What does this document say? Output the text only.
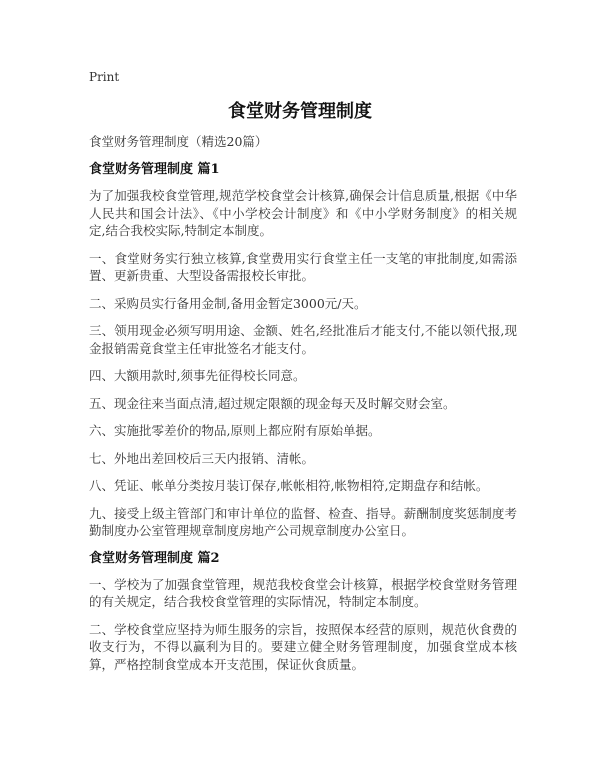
Print
食堂财务管理制度

食堂财务管理制度（精选20篇）

食堂财务管理制度 篇1

为了加强我校食堂管理,规范学校食堂会计核算,确保会计信息质量,根据《中华人民共和国会计法》、《中小学校会计制度》和《中小学财务制度》的相关规定,结合我校实际,特制定本制度。

一、食堂财务实行独立核算,食堂费用实行食堂主任一支笔的审批制度,如需添置、更新贵重、大型设备需报校长审批。

二、采购员实行备用金制,备用金暂定3000元/天。

三、领用现金必须写明用途、金额、姓名,经批准后才能支付,不能以领代报,现金报销需竟食堂主任审批签名才能支付。

四、大额用款时,须事先征得校长同意。

五、现金往来当面点清,超过规定限额的现金每天及时解交财会室。

六、实施批零差价的物品,原则上都应附有原始单据。

七、外地出差回校后三天内报销、清帐。

八、凭证、帐单分类按月装订保存,帐帐相符,帐物相符,定期盘存和结帐。

九、接受上级主管部门和审计单位的监督、检查、指导。薪酬制度奖惩制度考勤制度办公室管理规章制度房地产公司规章制度办公室日。

食堂财务管理制度 篇2

一、学校为了加强食堂管理，规范我校食堂会计核算，根据学校食堂财务管理的有关规定，结合我校食堂管理的实际情况，特制定本制度。

二、学校食堂应坚持为师生服务的宗旨，按照保本经营的原则，规范伙食费的收支行为，不得以赢利为目的。要建立健全财务管理制度，加强食堂成本核算，严格控制食堂成本开支范围，保证伙食质量。
